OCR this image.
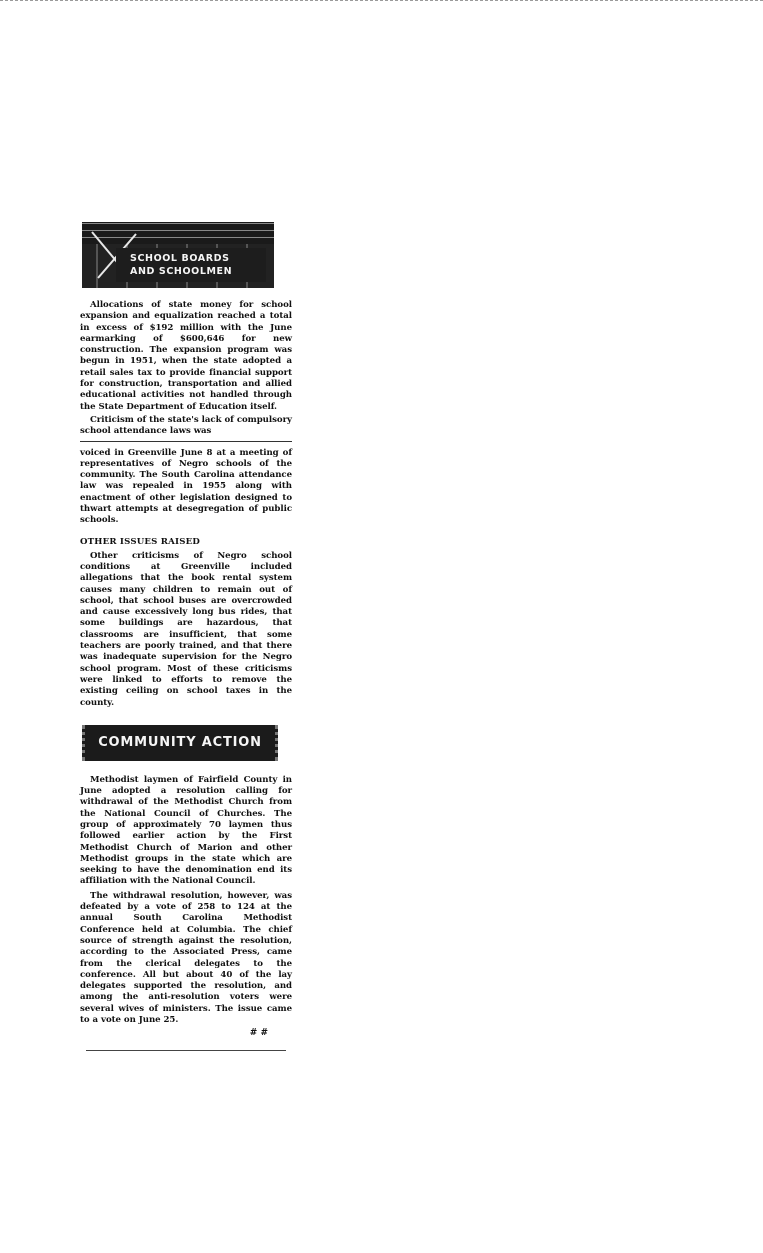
SCHOOL BOARDS
AND SCHOOLMEN

Allocations of state money for school expansion and equalization reached a total in excess of $192 million with the June earmarking of $600,646 for new construction. The expansion program was begun in 1951, when the state adopted a retail sales tax to provide financial support for construction, transportation and allied educational activities not handled through the State Department of Education itself.

Criticism of the state's lack of compulsory school attendance laws was

voiced in Greenville June 8 at a meeting of representatives of Negro schools of the community. The South Carolina attendance law was repealed in 1955 along with enactment of other legislation designed to thwart attempts at desegregation of public schools.

OTHER ISSUES RAISED

Other criticisms of Negro school conditions at Greenville included allegations that the book rental system causes many children to remain out of school, that school buses are overcrowded and cause excessively long bus rides, that some buildings are hazardous, that classrooms are insufficient, that some teachers are poorly trained, and that there was inadequate supervision for the Negro school program. Most of these criticisms were linked to efforts to remove the existing ceiling on school taxes in the county.

COMMUNITY ACTION

Methodist laymen of Fairfield County in June adopted a resolution calling for withdrawal of the Methodist Church from the National Council of Churches. The group of approximately 70 laymen thus followed earlier action by the First Methodist Church of Marion and other Methodist groups in the state which are seeking to have the denomination end its affiliation with the National Council.

The withdrawal resolution, however, was defeated by a vote of 258 to 124 at the annual South Carolina Methodist Conference held at Columbia. The chief source of strength against the resolution, according to the Associated Press, came from the clerical delegates to the conference. All but about 40 of the lay delegates supported the resolution, and among the anti-resolution voters were several wives of ministers. The issue came to a vote on June 25.

# #
